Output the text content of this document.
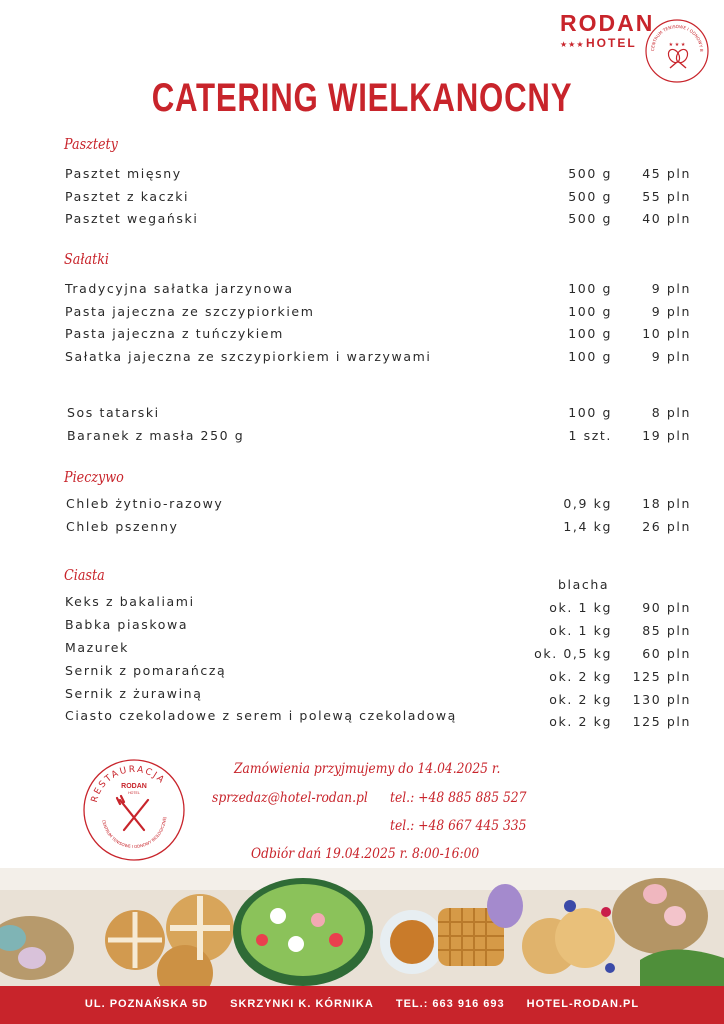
RODAN
★★★ HOTEL	CENTRUM TENISOWE I ODNOWY B
★ ★ ★
CATERING WIELKANOCNY
Pasztety
Pasztet mięsny	500 g 45 pln
Pasztet z kaczki	500 g 55 pln
Pasztet wegański	500 g 40 pln
Sałatki
Tradycyjna sałatka jarzynowa	100 g	9 pln
Pasta jajeczna ze szczypiorkiem	100 g	9 pln
Pasta jajeczna z tuńczykiem	100 g 10 pln
Sałatka jajeczna ze szczypiorkiem i warzywami	100 g	9 pln
Sos tatarski	100 g	8 pln
Baranek z masła 250 g	1 szt. 19 pln
Pieczywo
Chleb żytnio-razowy	0,9 kg 18 pln
Chleb pszenny	1,4 kg 26 pln
Ciasta
blacha
Keks z bakaliami	ok. 1 kg 90 pln
Babka piaskowa	ok. 1 kg 85 pln
Mazurek	ok. 0,5 kg 60 pln
Sernik z pomarańczą	ok. 2 kg 125 pln
Sernik z żurawiną	ok. 2 kg 130 pln
Ciasto czekoladowe z serem i polewą czekoladową	ok. 2 kg 125 pln
RESTAURACJA
RODAN
HOTEL
CENTRUM TENISOWE I ODNOWY BIOLOGICZNEJ
Zamówienia przyjmujemy do 14.04.2025 r.
sprzedaz@hotel-rodan.pl tel.: +48 885 885 527
tel.: +48 667 445 335
Odbiór dań 19.04.2025 r. 8:00-16:00
UL. POZNAŃSKA 5D SKRZYNKI K. KÓRNIKA TEL.: 663 916 693 HOTEL-RODAN.PL
